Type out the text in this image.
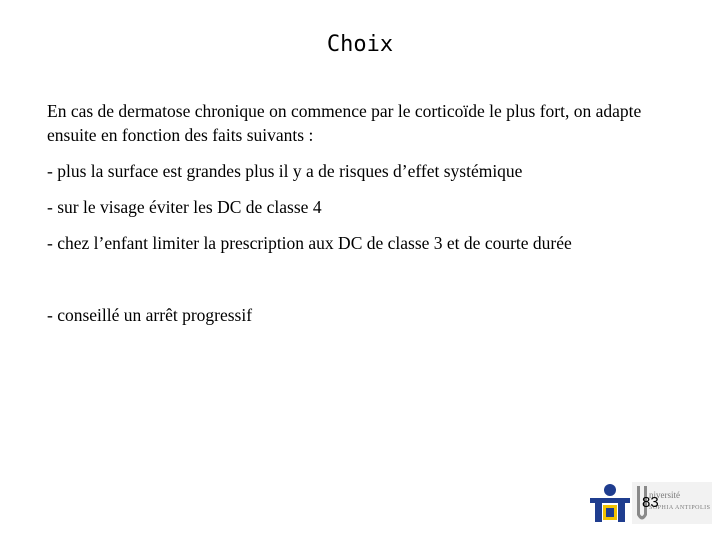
Choix
En cas de dermatose chronique on commence par le corticoïde le plus fort, on adapte ensuite en fonction des faits suivants :
- plus la surface est grandes plus il y a de risques d’effet systémique
- sur le visage éviter les DC de classe 4
- chez l’enfant limiter la prescription aux DC de classe 3 et de courte durée
- conseillé un arrêt progressif
niversité
SOPHIA ANTIPOLIS
83
